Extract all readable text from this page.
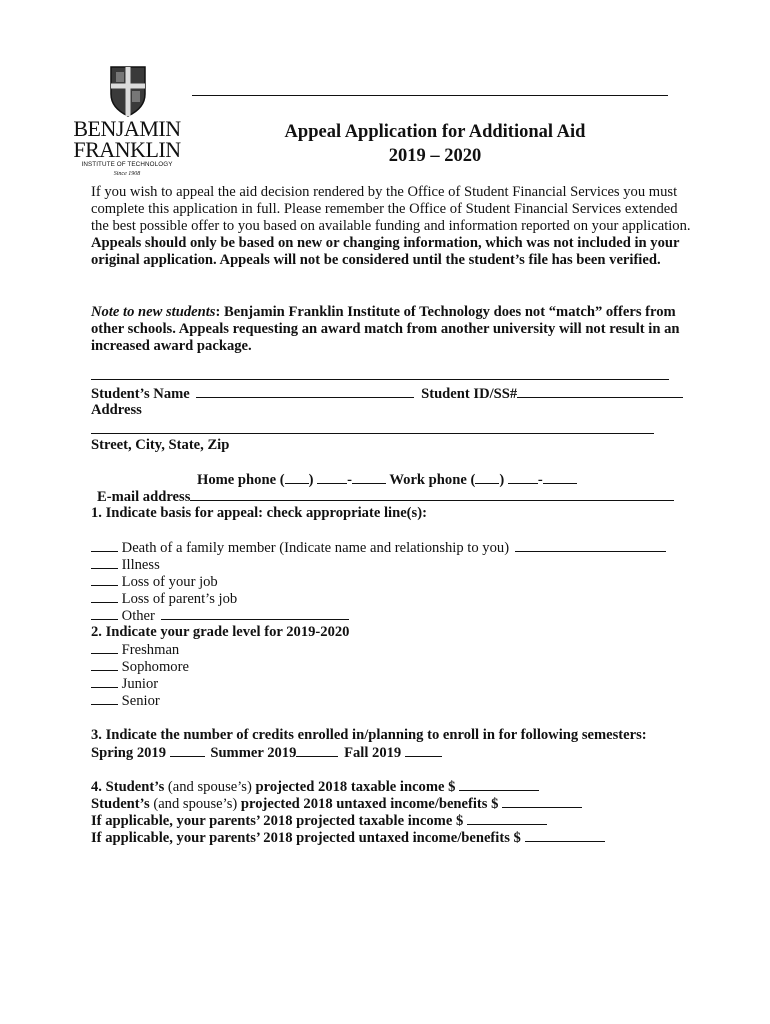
BENJAMIN
FRANKLIN
INSTITUTE OF TECHNOLOGY
Since 1908
Appeal Application for Additional Aid
2019 – 2020
If you wish to appeal the aid decision rendered by the Office of Student Financial Services you must complete this application in full. Please remember the Office of Student Financial Services extended the best possible offer to you based on available funding and information reported on your application. Appeals should only be based on new or changing information, which was not included in your original application. Appeals will not be considered until the student’s file has been verified.
Note to new students: Benjamin Franklin Institute of Technology does not “match” offers from other schools. Appeals requesting an award match from another university will not result in an increased award package.
Student’s Name	Student ID/SS#
Address
Street, City, State, Zip
Home phone ( ) -	Work phone ( ) -
E-mail address
1. Indicate basis for appeal: check appropriate line(s):
Death of a family member (Indicate name and relationship to you)
Illness
Loss of your job
Loss of parent’s job
Other
2. Indicate your grade level for 2019-2020
Freshman
Sophomore
Junior
Senior
3. Indicate the number of credits enrolled in/planning to enroll in for following semesters:
Spring 2019	Summer 2019	Fall 2019
4. Student’s (and spouse’s) projected 2018 taxable income $
Student’s (and spouse’s) projected 2018 untaxed income/benefits $
If applicable, your parents’ 2018 projected taxable income $
If applicable, your parents’ 2018 projected untaxed income/benefits $
